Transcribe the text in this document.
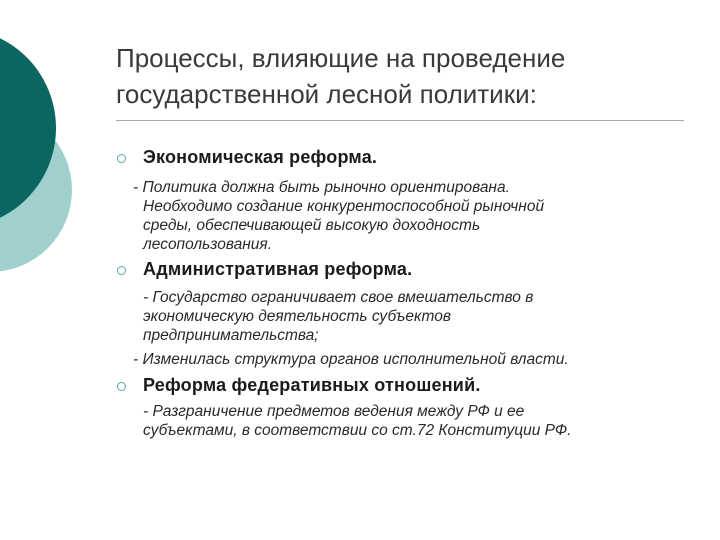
Процессы, влияющие на проведение
государственной лесной политики:
Экономическая реформа.
- Политика должна быть рыночно ориентирована.
Необходимо создание конкурентоспособной рыночной
среды, обеспечивающей высокую доходность
лесопользования.
Административная реформа.
- Государство ограничивает свое вмешательство в
экономическую деятельность субъектов
предпринимательства;
- Изменилась структура органов исполнительной власти.
Реформа федеративных отношений.
- Разграничение предметов ведения между РФ и ее
субъектами, в соответствии со ст.72 Конституции РФ.
